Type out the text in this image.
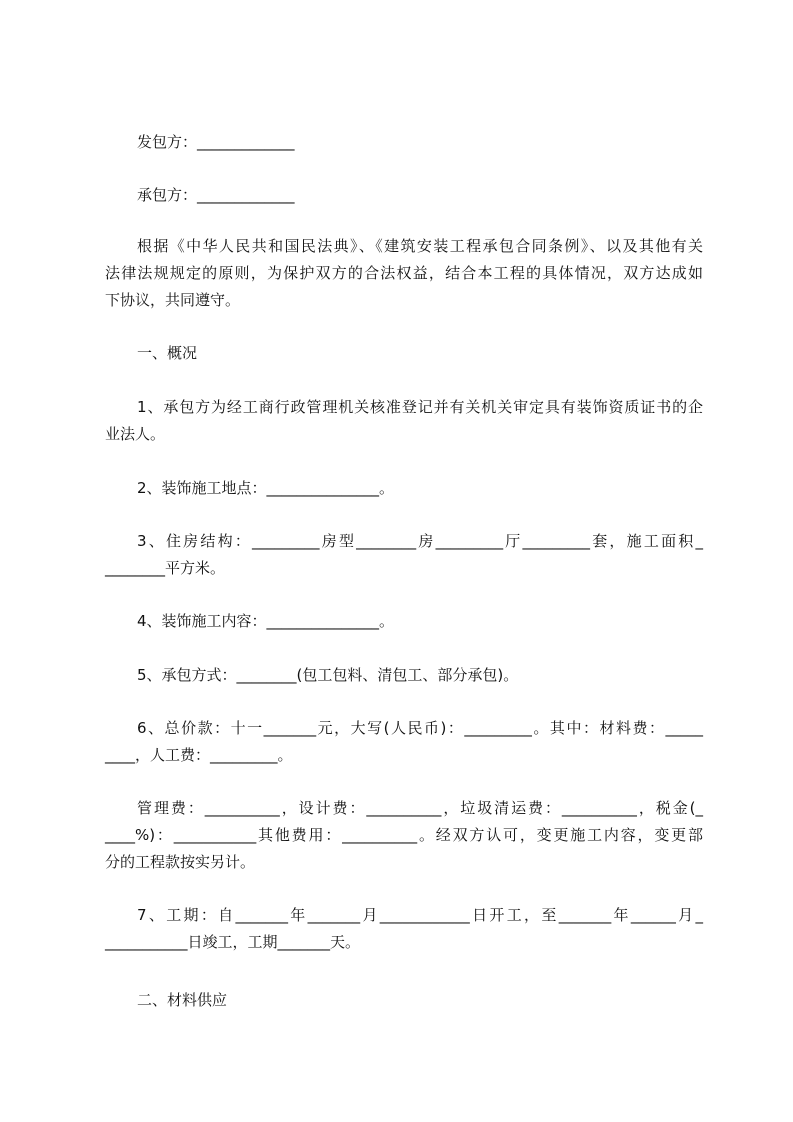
发包方：_____________
承包方：_____________
根据《中华人民共和国民法典》、《建筑安装工程承包合同条例》、以及其他有关
法律法规规定的原则，为保护双方的合法权益，结合本工程的具体情况，双方达成如
下协议，共同遵守。
一、概况
1、承包方为经工商行政管理机关核准登记并有关机关审定具有装饰资质证书的企
业法人。
2、装饰施工地点：_______________。
3、住房结构：_________房型________房_________厅_________套，施工面积_
________平方米。
4、装饰施工内容：_______________。
5、承包方式：________(包工包料、清包工、部分承包)。
6、总价款：十一_______元，大写(人民币)：_________。其中：材料费：_____
____，人工费：_________。
管理费：__________，设计费：__________，垃圾清运费：__________，税金(_
____%)：___________其他费用：__________。经双方认可，变更施工内容，变更部
分的工程款按实另计。
7、工期：自_______年_______月____________日开工，至_______年______月_
___________日竣工，工期_______天。
二、材料供应
